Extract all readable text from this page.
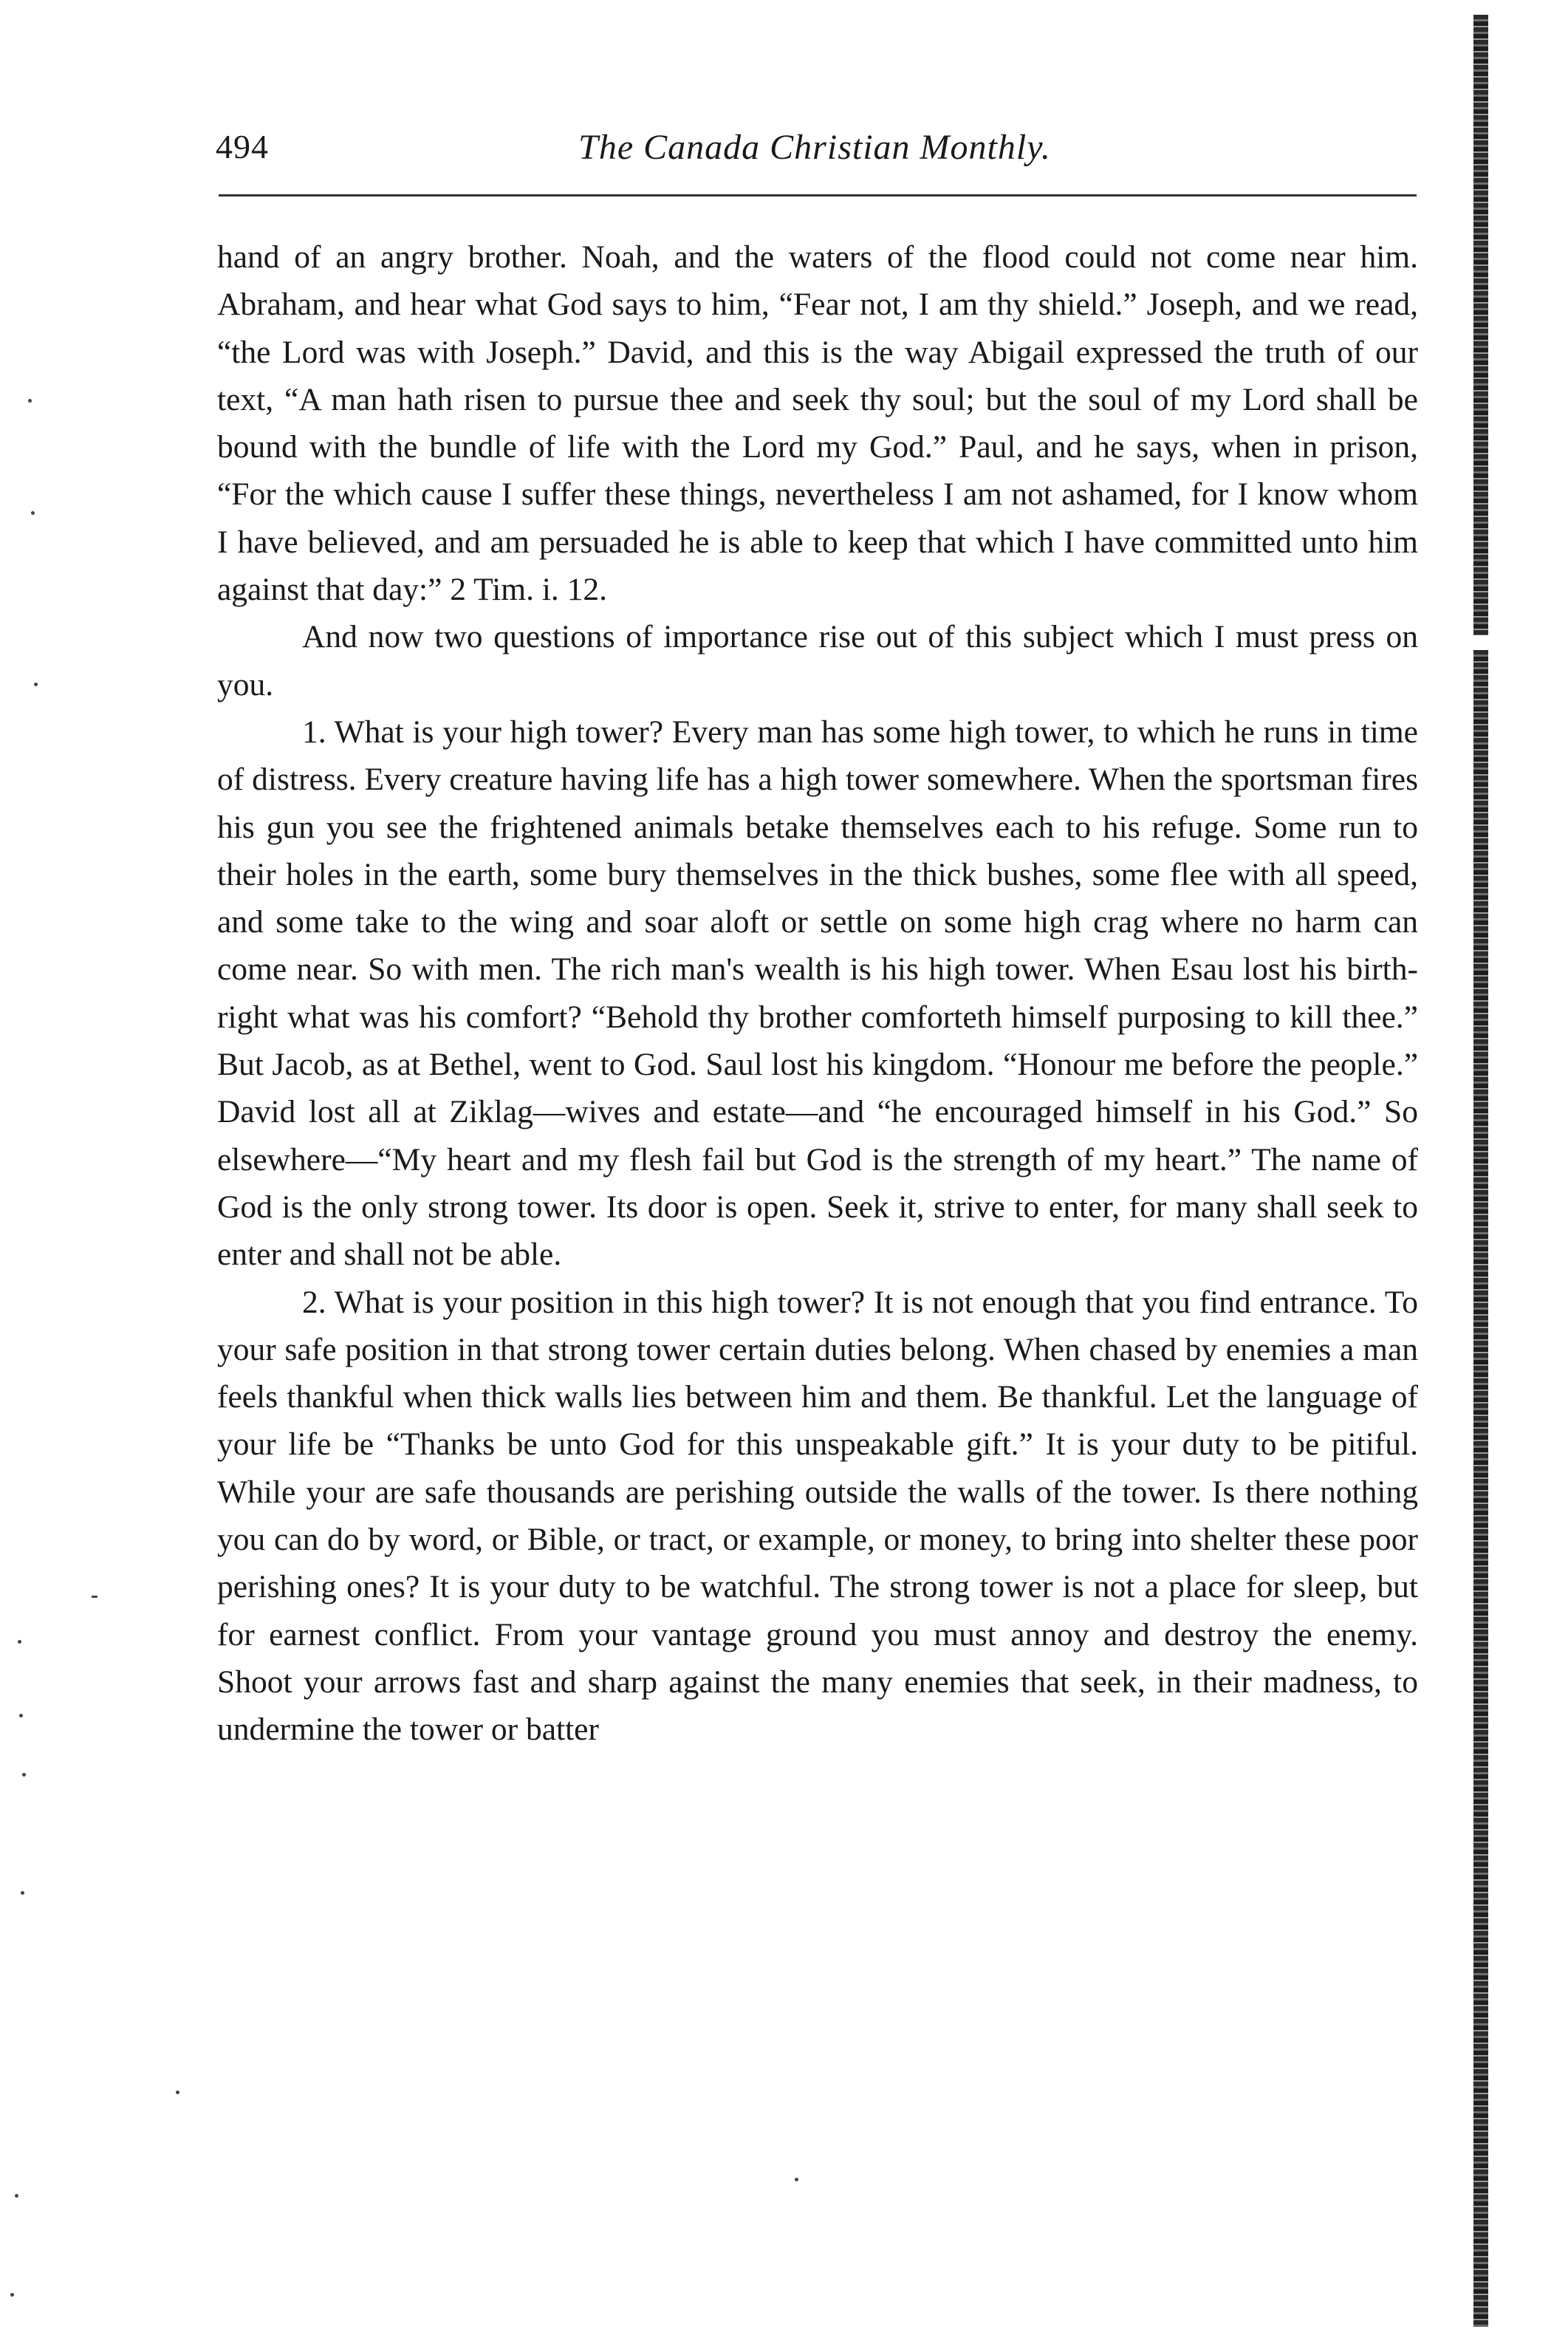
494	The Canada Christian Monthly.

hand of an angry brother. Noah, and the waters of the flood could not come near him. Abraham, and hear what God says to him, “Fear not, I am thy shield.” Joseph, and we read, “the Lord was with Joseph.” David, and this is the way Abigail expressed the truth of our text, “A man hath risen to pursue thee and seek thy soul; but the soul of my Lord shall be bound with the bundle of life with the Lord my God.” Paul, and he says, when in prison, “For the which cause I suffer these things, nevertheless I am not ashamed, for I know whom I have believed, and am persuaded he is able to keep that which I have committed unto him against that day:” 2 Tim. i. 12.

And now two questions of importance rise out of this subject which I must press on you.

1. What is your high tower? Every man has some high tower, to which he runs in time of distress. Every creature having life has a high tower somewhere. When the sportsman fires his gun you see the frightened animals betake themselves each to his refuge. Some run to their holes in the earth, some bury themselves in the thick bushes, some flee with all speed, and some take to the wing and soar aloft or settle on some high crag where no harm can come near. So with men. The rich man's wealth is his high tower. When Esau lost his birth-right what was his comfort? “Behold thy brother comforteth himself purposing to kill thee.” But Jacob, as at Bethel, went to God. Saul lost his kingdom. “Honour me before the people.” David lost all at Ziklag—wives and estate—and “he encouraged himself in his God.” So elsewhere—“My heart and my flesh fail but God is the strength of my heart.” The name of God is the only strong tower. Its door is open. Seek it, strive to enter, for many shall seek to enter and shall not be able.

2. What is your position in this high tower? It is not enough that you find entrance. To your safe position in that strong tower certain duties belong. When chased by enemies a man feels thankful when thick walls lies between him and them. Be thankful. Let the language of your life be “Thanks be unto God for this unspeakable gift.” It is your duty to be pitiful. While your are safe thousands are perishing outside the walls of the tower. Is there nothing you can do by word, or Bible, or tract, or example, or money, to bring into shelter these poor perishing ones? It is your duty to be watchful. The strong tower is not a place for sleep, but for earnest conflict. From your vantage ground you must annoy and destroy the enemy. Shoot your arrows fast and sharp against the many enemies that seek, in their madness, to undermine the tower or batter
